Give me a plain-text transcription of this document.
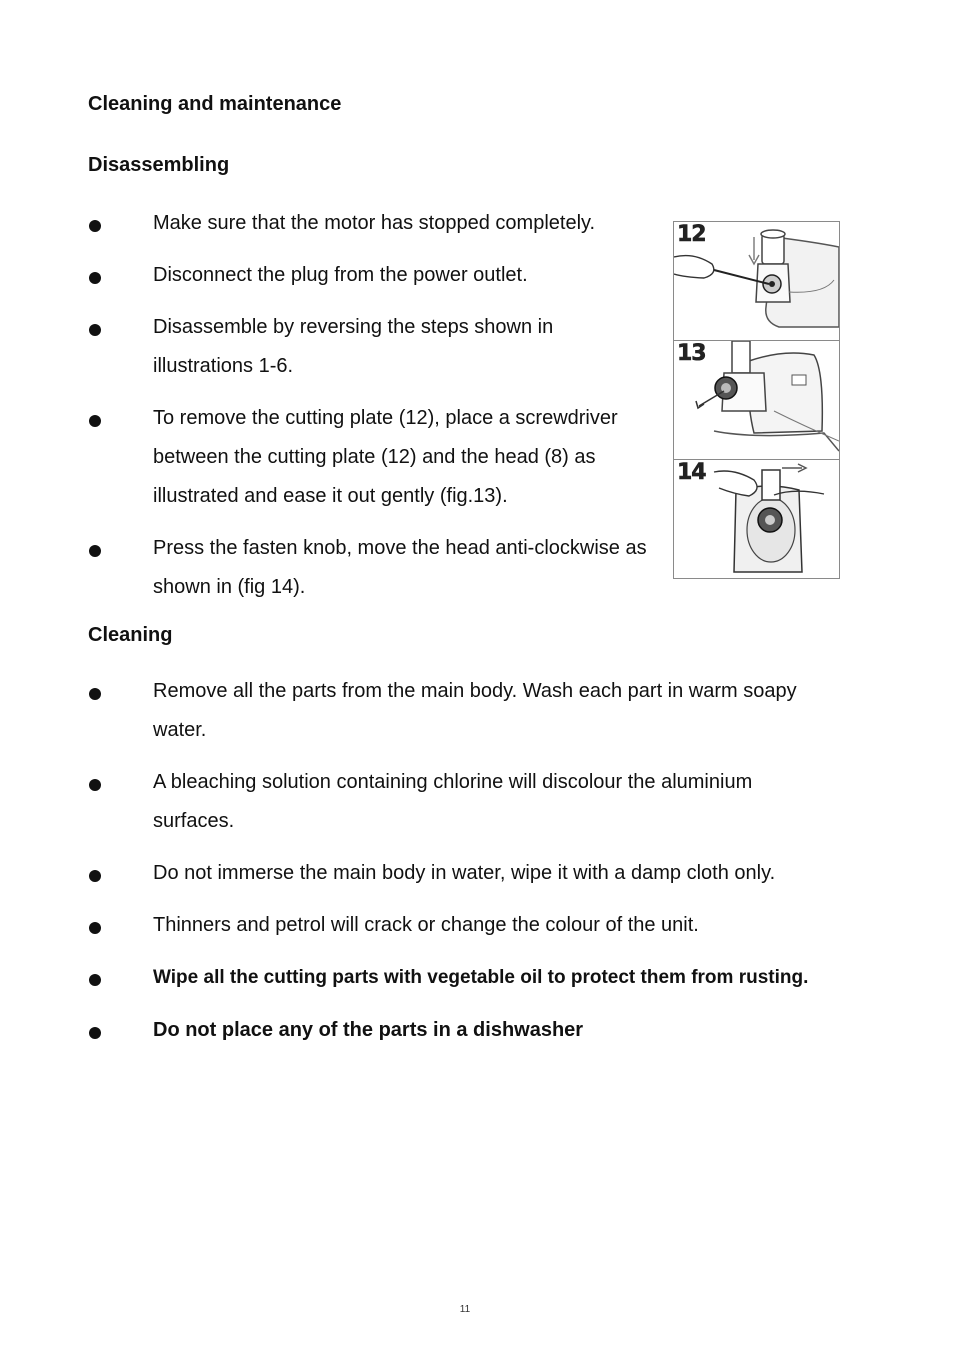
Cleaning and maintenance
Disassembling
Make sure that the motor has stopped completely.
Disconnect the plug from the power outlet.
Disassemble by reversing the steps shown in illustrations 1-6.
To remove the cutting plate (12), place a screwdriver between the cutting plate (12) and the head (8) as illustrated and ease it out gently (fig.13).
Press the fasten knob, move the head anti-clockwise as shown in (fig 14).
12
13
14
Cleaning
Remove all the parts from the main body. Wash each part in warm soapy water.
A bleaching solution containing chlorine will discolour the aluminium surfaces.
Do not immerse the main body in water, wipe it with a damp cloth only.
Thinners and petrol will crack or change the colour of the unit.
Wipe all the cutting parts with vegetable oil to protect them from rusting.
Do not place any of the parts in a dishwasher
11
